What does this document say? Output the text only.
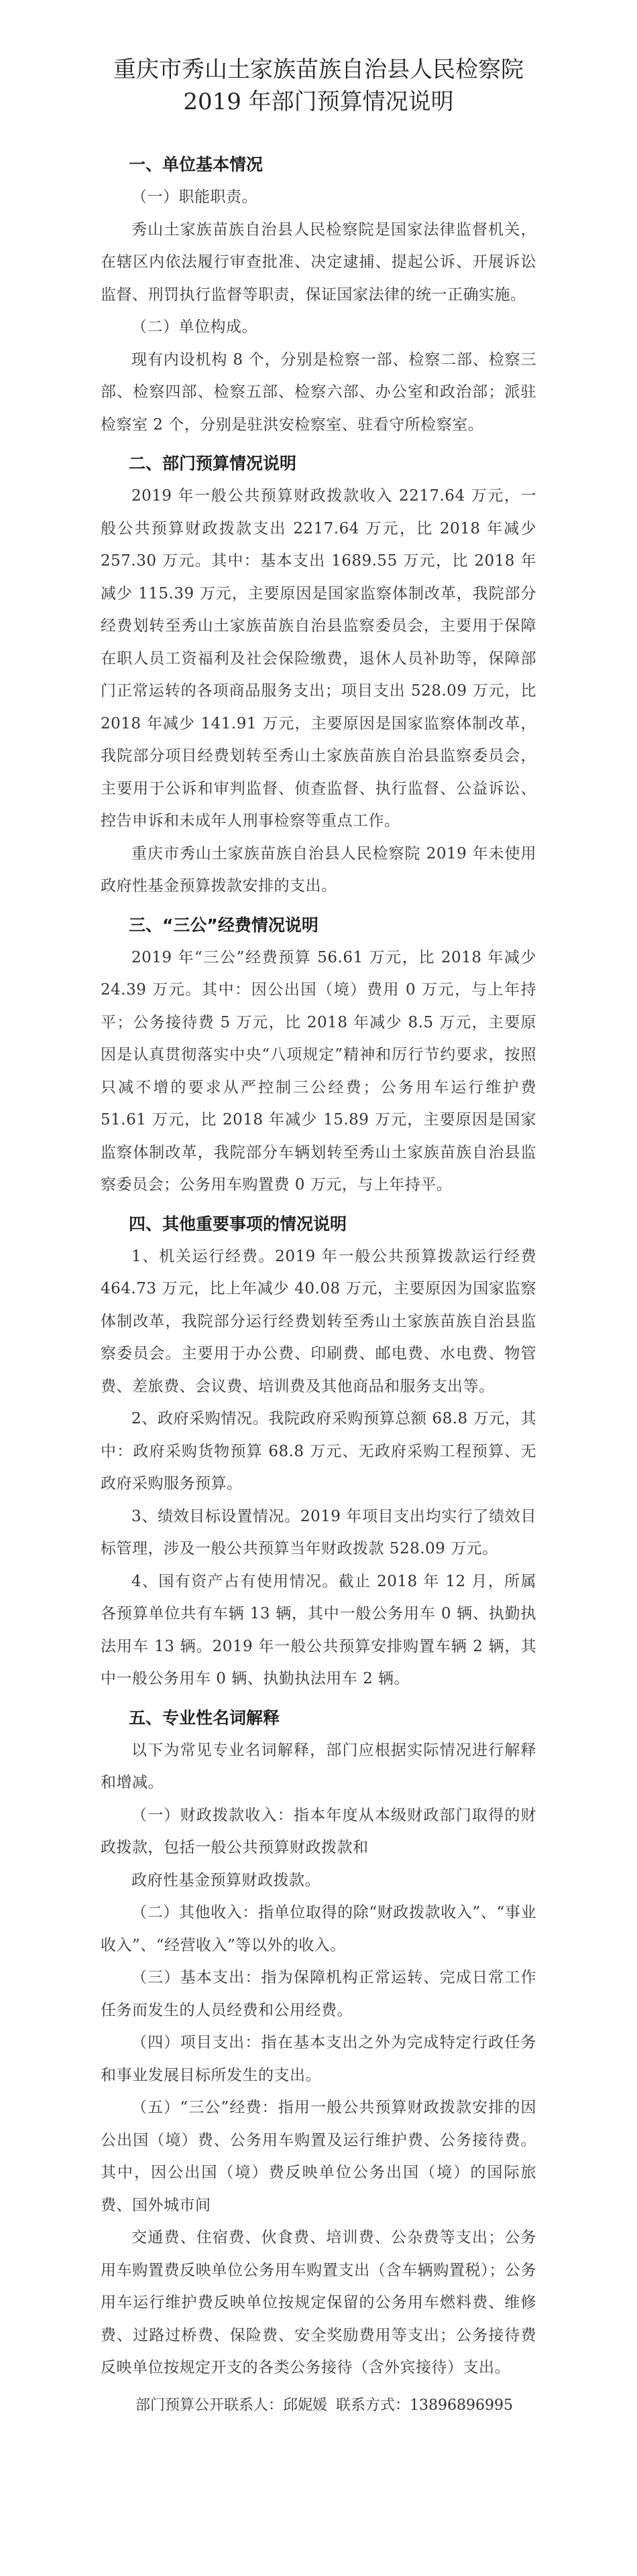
重庆市秀山土家族苗族自治县人民检察院
2019 年部门预算情况说明
一、单位基本情况

（一）职能职责。

秀山土家族苗族自治县人民检察院是国家法律监督机关，在辖区内依法履行审查批准、决定逮捕、提起公诉、开展诉讼监督、刑罚执行监督等职责，保证国家法律的统一正确实施。

（二）单位构成。

现有内设机构 8 个，分别是检察一部、检察二部、检察三部、检察四部、检察五部、检察六部、办公室和政治部；派驻检察室 2 个，分别是驻洪安检察室、驻看守所检察室。

二、部门预算情况说明

2019 年一般公共预算财政拨款收入 2217.64 万元，一般公共预算财政拨款支出 2217.64 万元，比 2018 年减少 257.30 万元。其中：基本支出 1689.55 万元，比 2018 年减少 115.39 万元，主要原因是国家监察体制改革，我院部分经费划转至秀山土家族苗族自治县监察委员会，主要用于保障在职人员工资福利及社会保险缴费，退休人员补助等，保障部门正常运转的各项商品服务支出；项目支出 528.09 万元，比 2018 年减少 141.91 万元，主要原因是国家监察体制改革，我院部分项目经费划转至秀山土家族苗族自治县监察委员会，主要用于公诉和审判监督、侦查监督、执行监督、公益诉讼、控告申诉和未成年人刑事检察等重点工作。

重庆市秀山土家族苗族自治县人民检察院 2019 年未使用政府性基金预算拨款安排的支出。

三、“三公”经费情况说明

2019 年“三公”经费预算 56.61 万元，比 2018 年减少 24.39 万元。其中：因公出国（境）费用 0 万元，与上年持平；公务接待费 5 万元，比 2018 年减少 8.5 万元，主要原因是认真贯彻落实中央“八项规定”精神和厉行节约要求，按照只减不增的要求从严控制三公经费；公务用车运行维护费 51.61 万元，比 2018 年减少 15.89 万元，主要原因是国家监察体制改革，我院部分车辆划转至秀山土家族苗族自治县监察委员会；公务用车购置费 0 万元，与上年持平。

四、其他重要事项的情况说明

1、机关运行经费。2019 年一般公共预算拨款运行经费 464.73 万元，比上年减少 40.08 万元，主要原因为国家监察体制改革，我院部分运行经费划转至秀山土家族苗族自治县监察委员会。主要用于办公费、印刷费、邮电费、水电费、物管费、差旅费、会议费、培训费及其他商品和服务支出等。

2、政府采购情况。我院政府采购预算总额 68.8 万元，其中：政府采购货物预算 68.8 万元、无政府采购工程预算、无政府采购服务预算。

3、绩效目标设置情况。2019 年项目支出均实行了绩效目标管理，涉及一般公共预算当年财政拨款 528.09 万元。

4、国有资产占有使用情况。截止 2018 年 12 月，所属各预算单位共有车辆 13 辆，其中一般公务用车 0 辆、执勤执法用车 13 辆。2019 年一般公共预算安排购置车辆 2 辆，其中一般公务用车 0 辆、执勤执法用车 2 辆。

五、专业性名词解释

以下为常见专业名词解释，部门应根据实际情况进行解释和增减。

（一）财政拨款收入：指本年度从本级财政部门取得的财政拨款，包括一般公共预算财政拨款和

政府性基金预算财政拨款。

（二）其他收入：指单位取得的除“财政拨款收入”、“事业收入”、“经营收入”等以外的收入。

（三）基本支出：指为保障机构正常运转、完成日常工作任务而发生的人员经费和公用经费。

（四）项目支出：指在基本支出之外为完成特定行政任务和事业发展目标所发生的支出。

（五）“三公”经费：指用一般公共预算财政拨款安排的因公出国（境）费、公务用车购置及运行维护费、公务接待费。其中，因公出国（境）费反映单位公务出国（境）的国际旅费、国外城市间

交通费、住宿费、伙食费、培训费、公杂费等支出；公务用车购置费反映单位公务用车购置支出（含车辆购置税）；公务用车运行维护费反映单位按规定保留的公务用车燃料费、维修费、过路过桥费、保险费、安全奖励费用等支出；公务接待费反映单位按规定开支的各类公务接待（含外宾接待）支出。

部门预算公开联系人：邱妮媛 联系方式：13896896995
